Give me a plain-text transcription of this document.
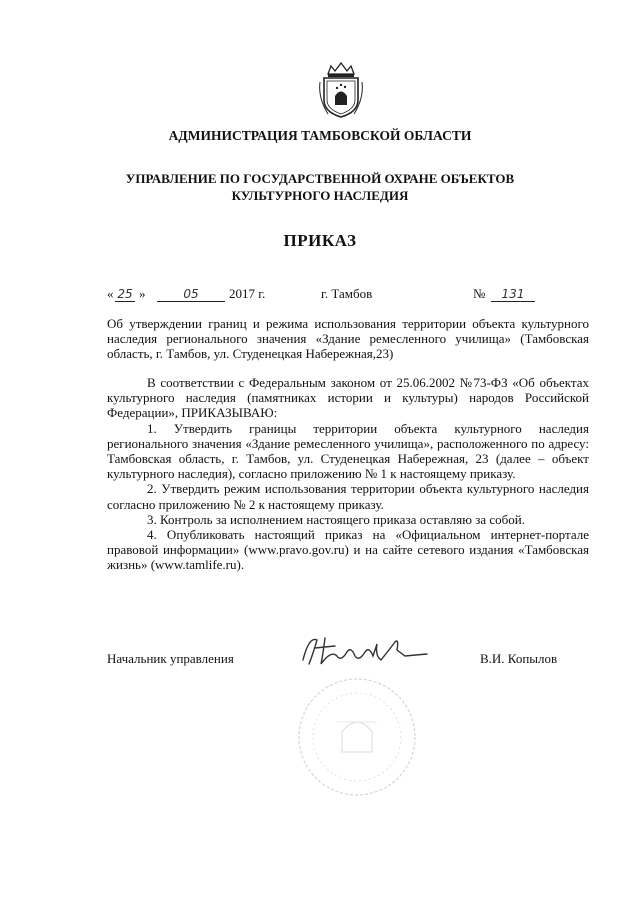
АДМИНИСТРАЦИЯ ТАМБОВСКОЙ ОБЛАСТИ
УПРАВЛЕНИЕ ПО ГОСУДАРСТВЕННОЙ ОХРАНЕ ОБЪЕКТОВ
КУЛЬТУРНОГО НАСЛЕДИЯ
ПРИКАЗ
« 25 »	05	2017 г.	г. Тамбов	№	131
Об утверждении границ и режима использования территории объекта культурного наследия регионального значения «Здание ремесленного училища» (Тамбовская область, г. Тамбов, ул. Студенецкая Набережная,23)

В соответствии с Федеральным законом от 25.06.2002 №73-ФЗ «Об объектах культурного наследия (памятниках истории и культуры) народов Российской Федерации», ПРИКАЗЫВАЮ:

1. Утвердить границы территории объекта культурного наследия регионального значения «Здание ремесленного училища», расположенного по адресу: Тамбовская область, г. Тамбов, ул. Студенецкая Набережная, 23 (далее – объект культурного наследия), согласно приложению № 1 к настоящему приказу.

2. Утвердить режим использования территории объекта культурного наследия согласно приложению № 2 к настоящему приказу.

3. Контроль за исполнением настоящего приказа оставляю за собой.

4. Опубликовать настоящий приказ на «Официальном интернет-портале правовой информации» (www.pravo.gov.ru) и на сайте сетевого издания «Тамбовская жизнь» (www.tamlife.ru).

Начальник управления	В.И. Копылов
